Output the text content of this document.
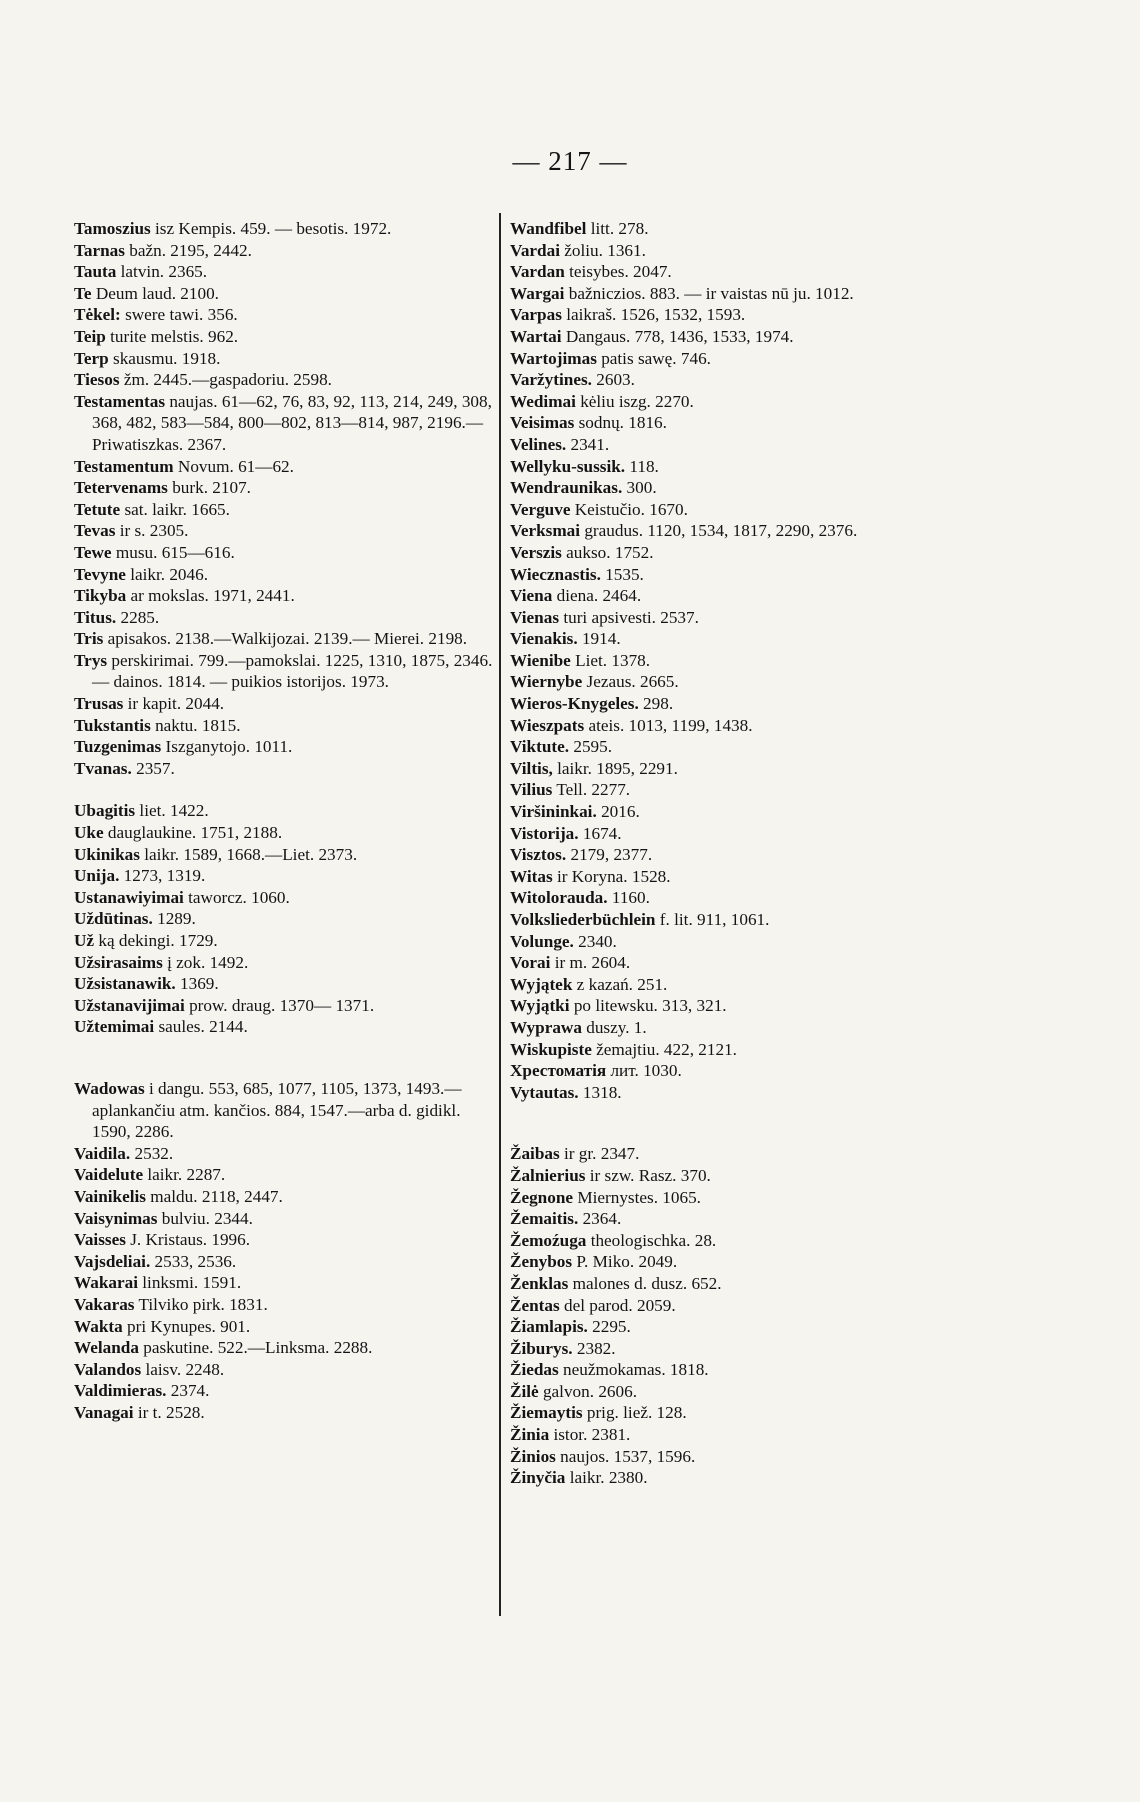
— 217 —

Tamoszius isz Kempis. 459. — besotis. 1972.

Tarnas bažn. 2195, 2442.

Tauta latvin. 2365.

Te Deum laud. 2100.

Tėkel: swere tawi. 356.

Teip turite melstis. 962.

Terp skausmu. 1918.

Tiesos žm. 2445.—gaspadoriu. 2598.

Testamentas naujas. 61—62, 76, 83, 92, 113, 214, 249, 308, 368, 482, 583—584, 800—802, 813—814, 987, 2196.—Priwatiszkas. 2367.

Testamentum Novum. 61—62.

Tetervenams burk. 2107.

Tetute sat. laikr. 1665.

Tevas ir s. 2305.

Tewe musu. 615—616.

Tevyne laikr. 2046.

Tikyba ar mokslas. 1971, 2441.

Titus. 2285.

Tris apisakos. 2138.—Walkijozai. 2139.— Mierei. 2198.

Trys perskirimai. 799.—pamokslai. 1225, 1310, 1875, 2346. — dainos. 1814. — puikios istorijos. 1973.

Trusas ir kapit. 2044.

Tukstantis naktu. 1815.

Tuzgenimas Iszganytojo. 1011.

Tvanas. 2357.

Ubagitis liet. 1422.

Uke dauglaukine. 1751, 2188.

Ukinikas laikr. 1589, 1668.—Liet. 2373.

Unija. 1273, 1319.

Ustanawiyimai taworcz. 1060.

Uždūtinas. 1289.

Už ką dekingi. 1729.

Užsirasaims į zok. 1492.

Užsistanawik. 1369.

Užstanavijimai prow. draug. 1370— 1371.

Užtemimai saules. 2144.

Wadowas i dangu. 553, 685, 1077, 1105, 1373, 1493.—aplankančiu atm. kančios. 884, 1547.—arba d. gidikl. 1590, 2286.

Vaidila. 2532.

Vaidelute laikr. 2287.

Vainikelis maldu. 2118, 2447.

Vaisynimas bulviu. 2344.

Vaisses J. Kristaus. 1996.

Vajsdeliai. 2533, 2536.

Wakarai linksmi. 1591.

Vakaras Tilviko pirk. 1831.

Wakta pri Kynupes. 901.

Welanda paskutine. 522.—Linksma. 2288.

Valandos laisv. 2248.

Valdimieras. 2374.

Vanagai ir t. 2528.

Wandfibel litt. 278.

Vardai žoliu. 1361.

Vardan teisybes. 2047.

Wargai bažniczios. 883. — ir vaistas nū ju. 1012.

Varpas laikraš. 1526, 1532, 1593.

Wartai Dangaus. 778, 1436, 1533, 1974.

Wartojimas patis sawę. 746.

Varžytines. 2603.

Wedimai kėliu iszg. 2270.

Veisimas sodnų. 1816.

Velines. 2341.

Wellyku-sussik. 118.

Wendraunikas. 300.

Verguve Keistučio. 1670.

Verksmai graudus. 1120, 1534, 1817, 2290, 2376.

Verszis aukso. 1752.

Wiecznastis. 1535.

Viena diena. 2464.

Vienas turi apsivesti. 2537.

Vienakis. 1914.

Wienibe Liet. 1378.

Wiernybe Jezaus. 2665.

Wieros-Knygeles. 298.

Wieszpats ateis. 1013, 1199, 1438.

Viktute. 2595.

Viltis, laikr. 1895, 2291.

Vilius Tell. 2277.

Viršininkai. 2016.

Vistorija. 1674.

Visztos. 2179, 2377.

Witas ir Koryna. 1528.

Witolorauda. 1160.

Volksliederbüchlein f. lit. 911, 1061.

Volunge. 2340.

Vorai ir m. 2604.

Wyjątek z kazań. 251.

Wyjątki po litewsku. 313, 321.

Wyprawa duszy. 1.

Wiskupiste žemajtiu. 422, 2121.

Хрестоматiя лит. 1030.

Vytautas. 1318.

Žaibas ir gr. 2347.

Žalnierius ir szw. Rasz. 370.

Žegnone Miernystes. 1065.

Žemaitis. 2364.

Žemoźuga theologischka. 28.

Ženybos P. Miko. 2049.

Ženklas malones d. dusz. 652.

Žentas del parod. 2059.

Žiamlapis. 2295.

Žiburys. 2382.

Žiedas neužmokamas. 1818.

Žilė galvon. 2606.

Žiemaytis prig. liež. 128.

Žinia istor. 2381.

Žinios naujos. 1537, 1596.

Žinyčia laikr. 2380.
